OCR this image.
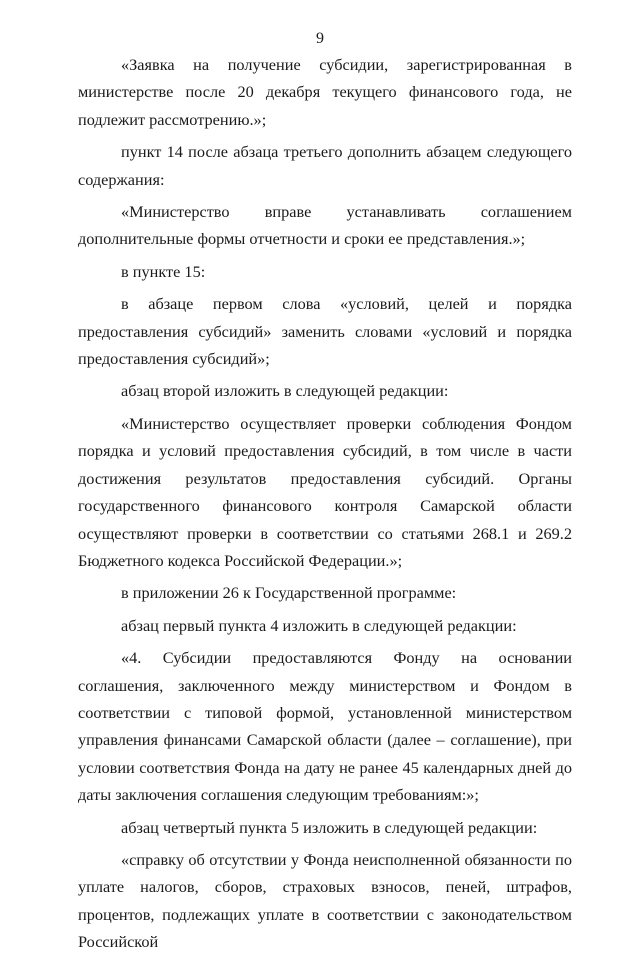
9

«Заявка на получение субсидии, зарегистрированная в министерстве после 20 декабря текущего финансового года, не подлежит рассмотрению.»;

пункт 14 после абзаца третьего дополнить абзацем следующего содержания:

«Министерство вправе устанавливать соглашением дополнительные формы отчетности и сроки ее представления.»;

в пункте 15:

в абзаце первом слова «условий, целей и порядка предоставления субсидий» заменить словами «условий и порядка предоставления субсидий»;

абзац второй изложить в следующей редакции:

«Министерство осуществляет проверки соблюдения Фондом порядка и условий предоставления субсидий, в том числе в части достижения результатов предоставления субсидий. Органы государственного финансового контроля Самарской области осуществляют проверки в соответствии со статьями 268.1 и 269.2 Бюджетного кодекса Российской Федерации.»;

в приложении 26 к Государственной программе:

абзац первый пункта 4 изложить в следующей редакции:

«4. Субсидии предоставляются Фонду на основании соглашения, заключенного между министерством и Фондом в соответствии с типовой формой, установленной министерством управления финансами Самарской области (далее – соглашение), при условии соответствия Фонда на дату не ранее 45 календарных дней до даты заключения соглашения следующим требованиям:»;

абзац четвертый пункта 5 изложить в следующей редакции:

«справку об отсутствии у Фонда неисполненной обязанности по уплате налогов, сборов, страховых взносов, пеней, штрафов, процентов, подлежащих уплате в соответствии с законодательством Российской
